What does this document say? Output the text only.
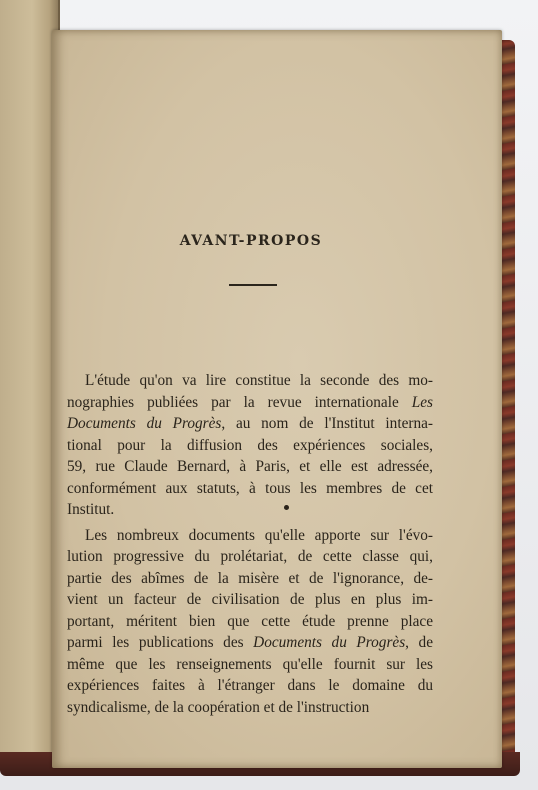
AVANT-PROPOS

L'étude qu'on va lire constitue la seconde des mo-
nographies publiées par la revue internationale Les
Documents du Progrès, au nom de l'Institut interna-
tional pour la diffusion des expériences sociales,
59, rue Claude Bernard, à Paris, et elle est adressée,
conformément aux statuts, à tous les membres de cet
Institut.

Les nombreux documents qu'elle apporte sur l'évo-
lution progressive du prolétariat, de cette classe qui,
partie des abîmes de la misère et de l'ignorance, de-
vient un facteur de civilisation de plus en plus im-
portant, méritent bien que cette étude prenne place
parmi les publications des Documents du Progrès, de
même que les renseignements qu'elle fournit sur les
expériences faites à l'étranger dans le domaine du
syndicalisme, de la coopération et de l'instruction
